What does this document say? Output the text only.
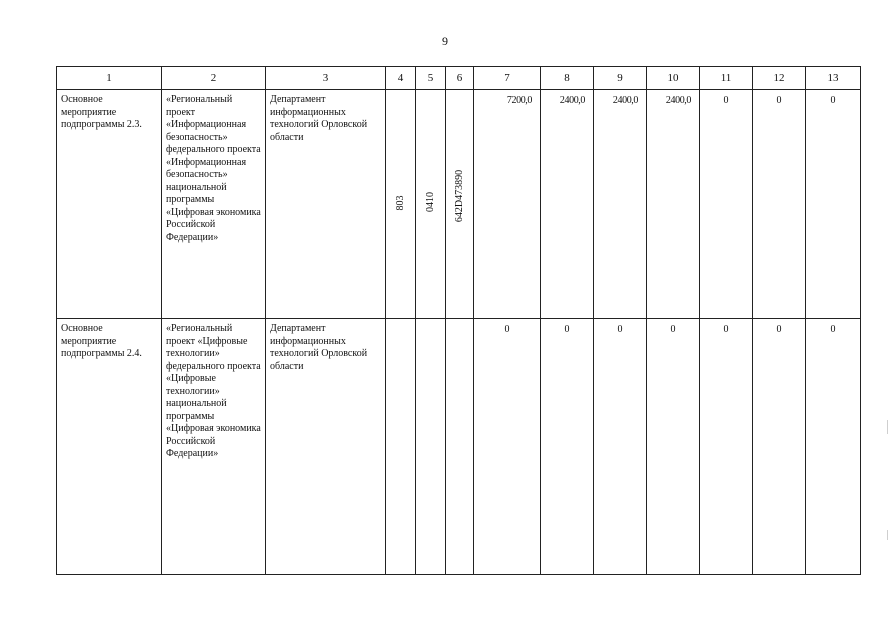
9
1	2	3	4	5	6	7	8	9	10	11	12	13
Основное мероприятие подпрограммы 2.3.	«Региональный проект «Информационная безопасность» федерального проекта «Информационная безопасность» национальной программы «Цифровая экономика Российской Федерации»	Департамент информационных технологий Орловской области	803	0410	642D473890	7200,0	2400,0	2400,0	2400,0	0	0	0
Основное мероприятие подпрограммы 2.4.	«Региональный проект «Цифровые технологии» федерального проекта «Цифровые технологии» национальной программы «Цифровая экономика Российской Федерации»	Департамент информационных технологий Орловской области				0	0	0	0	0	0	0
